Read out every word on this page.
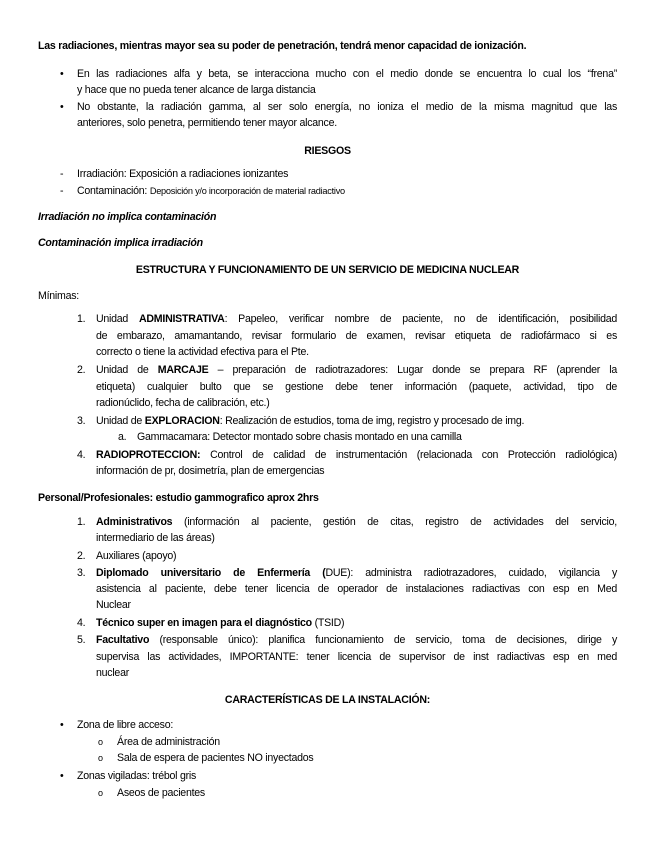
Las radiaciones, mientras mayor sea su poder de penetración, tendrá menor capacidad de ionización.
• En las radiaciones alfa y beta, se interacciona mucho con el medio donde se encuentra lo cual los “frena”
y hace que no pueda tener alcance de larga distancia
• No obstante, la radiación gamma, al ser solo energía, no ioniza el medio de la misma magnitud que las
anteriores, solo penetra, permitiendo tener mayor alcance.
RIESGOS
- Irradiación: Exposición a radiaciones ionizantes
- Contaminación: Deposición y/o incorporación de material radiactivo
Irradiación no implica contaminación
Contaminación implica irradiación
ESTRUCTURA Y FUNCIONAMIENTO DE UN SERVICIO DE MEDICINA NUCLEAR
Mínimas:
1. Unidad ADMINISTRATIVA: Papeleo, verificar nombre de paciente, no de identificación, posibilidad
de embarazo, amamantando, revisar formulario de examen, revisar etiqueta de radiofármaco si es
correcto o tiene la actividad efectiva para el Pte.
2. Unidad de MARCAJE – preparación de radiotrazadores: Lugar donde se prepara RF (aprender la
etiqueta) cualquier bulto que se gestione debe tener información (paquete, actividad, tipo de
radionúclido, fecha de calibración, etc.)
3. Unidad de EXPLORACION: Realización de estudios, toma de img, registro y procesado de img.
a. Gammacamara: Detector montado sobre chasis montado en una camilla
4. RADIOPROTECCION: Control de calidad de instrumentación (relacionada con Protección radiológica)
información de pr, dosimetría, plan de emergencias
Personal/Profesionales: estudio gammografico aprox 2hrs
1. Administrativos (información al paciente, gestión de citas, registro de actividades del servicio,
intermediario de las áreas)
2. Auxiliares (apoyo)
3. Diplomado universitario de Enfermería (DUE): administra radiotrazadores, cuidado, vigilancia y
asistencia al paciente, debe tener licencia de operador de instalaciones radiactivas con esp en Med
Nuclear
4. Técnico super en imagen para el diagnóstico (TSID)
5. Facultativo (responsable único): planifica funcionamiento de servicio, toma de decisiones, dirige y
supervisa las actividades, IMPORTANTE: tener licencia de supervisor de inst radiactivas esp en med
nuclear
CARACTERÍSTICAS DE LA INSTALACIÓN:
• Zona de libre acceso:
o Área de administración
o Sala de espera de pacientes NO inyectados
• Zonas vigiladas: trébol gris
o Aseos de pacientes
